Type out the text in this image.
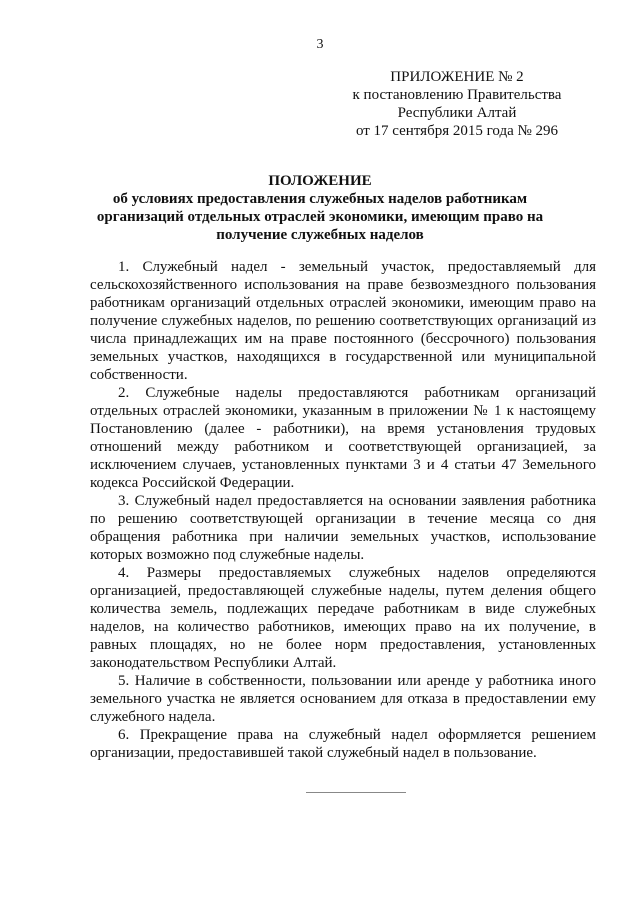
3
ПРИЛОЖЕНИЕ № 2
к постановлению Правительства
Республики Алтай
от 17 сентября 2015 года № 296
ПОЛОЖЕНИЕ
об условиях предоставления служебных наделов работникам
организаций отдельных отраслей экономики, имеющим право на
получение служебных наделов

1. Служебный надел - земельный участок, предоставляемый для сельскохозяйственного использования на праве безвозмездного пользования работникам организаций отдельных отраслей экономики, имеющим право на получение служебных наделов, по решению соответствующих организаций из числа принадлежащих им на праве постоянного (бессрочного) пользования земельных участков, находящихся в государственной или муниципальной собственности.

2. Служебные наделы предоставляются работникам организаций отдельных отраслей экономики, указанным в приложении № 1 к настоящему Постановлению (далее - работники), на время установления трудовых отношений между работником и соответствующей организацией, за исключением случаев, установленных пунктами 3 и 4 статьи 47 Земельного кодекса Российской Федерации.

3. Служебный надел предоставляется на основании заявления работника по решению соответствующей организации в течение месяца со дня обращения работника при наличии земельных участков, использование которых возможно под служебные наделы.

4. Размеры предоставляемых служебных наделов определяются организацией, предоставляющей служебные наделы, путем деления общего количества земель, подлежащих передаче работникам в виде служебных наделов, на количество работников, имеющих право на их получение, в равных площадях, но не более норм предоставления, установленных законодательством Республики Алтай.

5. Наличие в собственности, пользовании или аренде у работника иного земельного участка не является основанием для отказа в предоставлении ему служебного надела.

6. Прекращение права на служебный надел оформляется решением организации, предоставившей такой служебный надел в пользование.
